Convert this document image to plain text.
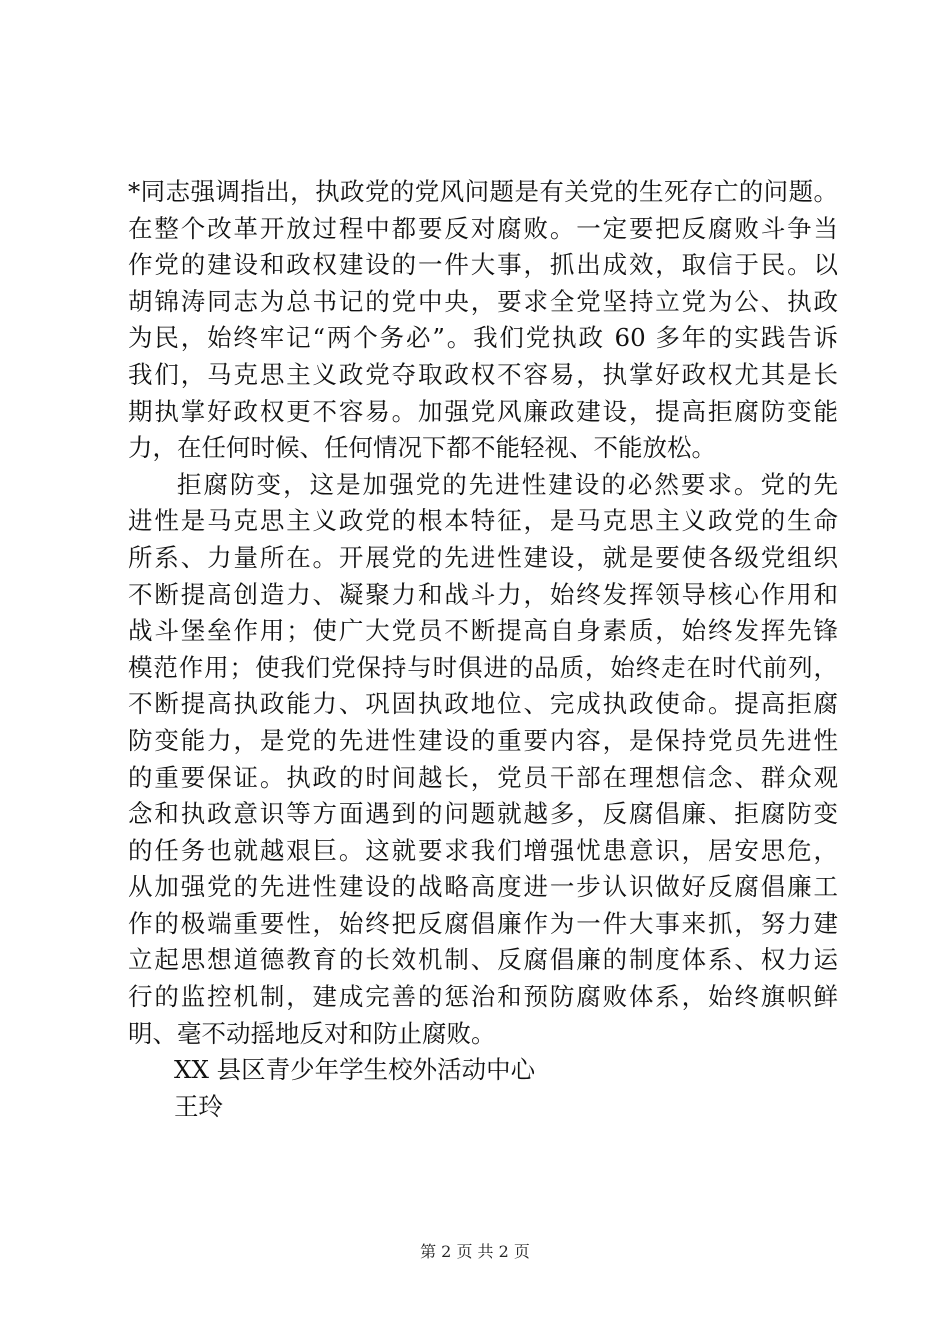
*同志强调指出，执政党的党风问题是有关党的生死存亡的问题。
在整个改革开放过程中都要反对腐败。一定要把反腐败斗争当
作党的建设和政权建设的一件大事，抓出成效，取信于民。以
胡锦涛同志为总书记的党中央，要求全党坚持立党为公、执政
为民，始终牢记“两个务必”。我们党执政 60 多年的实践告诉
我们，马克思主义政党夺取政权不容易，执掌好政权尤其是长
期执掌好政权更不容易。加强党风廉政建设，提高拒腐防变能
力，在任何时候、任何情况下都不能轻视、不能放松。
拒腐防变，这是加强党的先进性建设的必然要求。党的先
进性是马克思主义政党的根本特征，是马克思主义政党的生命
所系、力量所在。开展党的先进性建设，就是要使各级党组织
不断提高创造力、凝聚力和战斗力，始终发挥领导核心作用和
战斗堡垒作用；使广大党员不断提高自身素质，始终发挥先锋
模范作用；使我们党保持与时俱进的品质，始终走在时代前列，
不断提高执政能力、巩固执政地位、完成执政使命。提高拒腐
防变能力，是党的先进性建设的重要内容，是保持党员先进性
的重要保证。执政的时间越长，党员干部在理想信念、群众观
念和执政意识等方面遇到的问题就越多，反腐倡廉、拒腐防变
的任务也就越艰巨。这就要求我们增强忧患意识，居安思危，
从加强党的先进性建设的战略高度进一步认识做好反腐倡廉工
作的极端重要性，始终把反腐倡廉作为一件大事来抓，努力建
立起思想道德教育的长效机制、反腐倡廉的制度体系、权力运
行的监控机制，建成完善的惩治和预防腐败体系，始终旗帜鲜
明、毫不动摇地反对和防止腐败。
XX 县区青少年学生校外活动中心
王玲
第 2 页 共 2 页
